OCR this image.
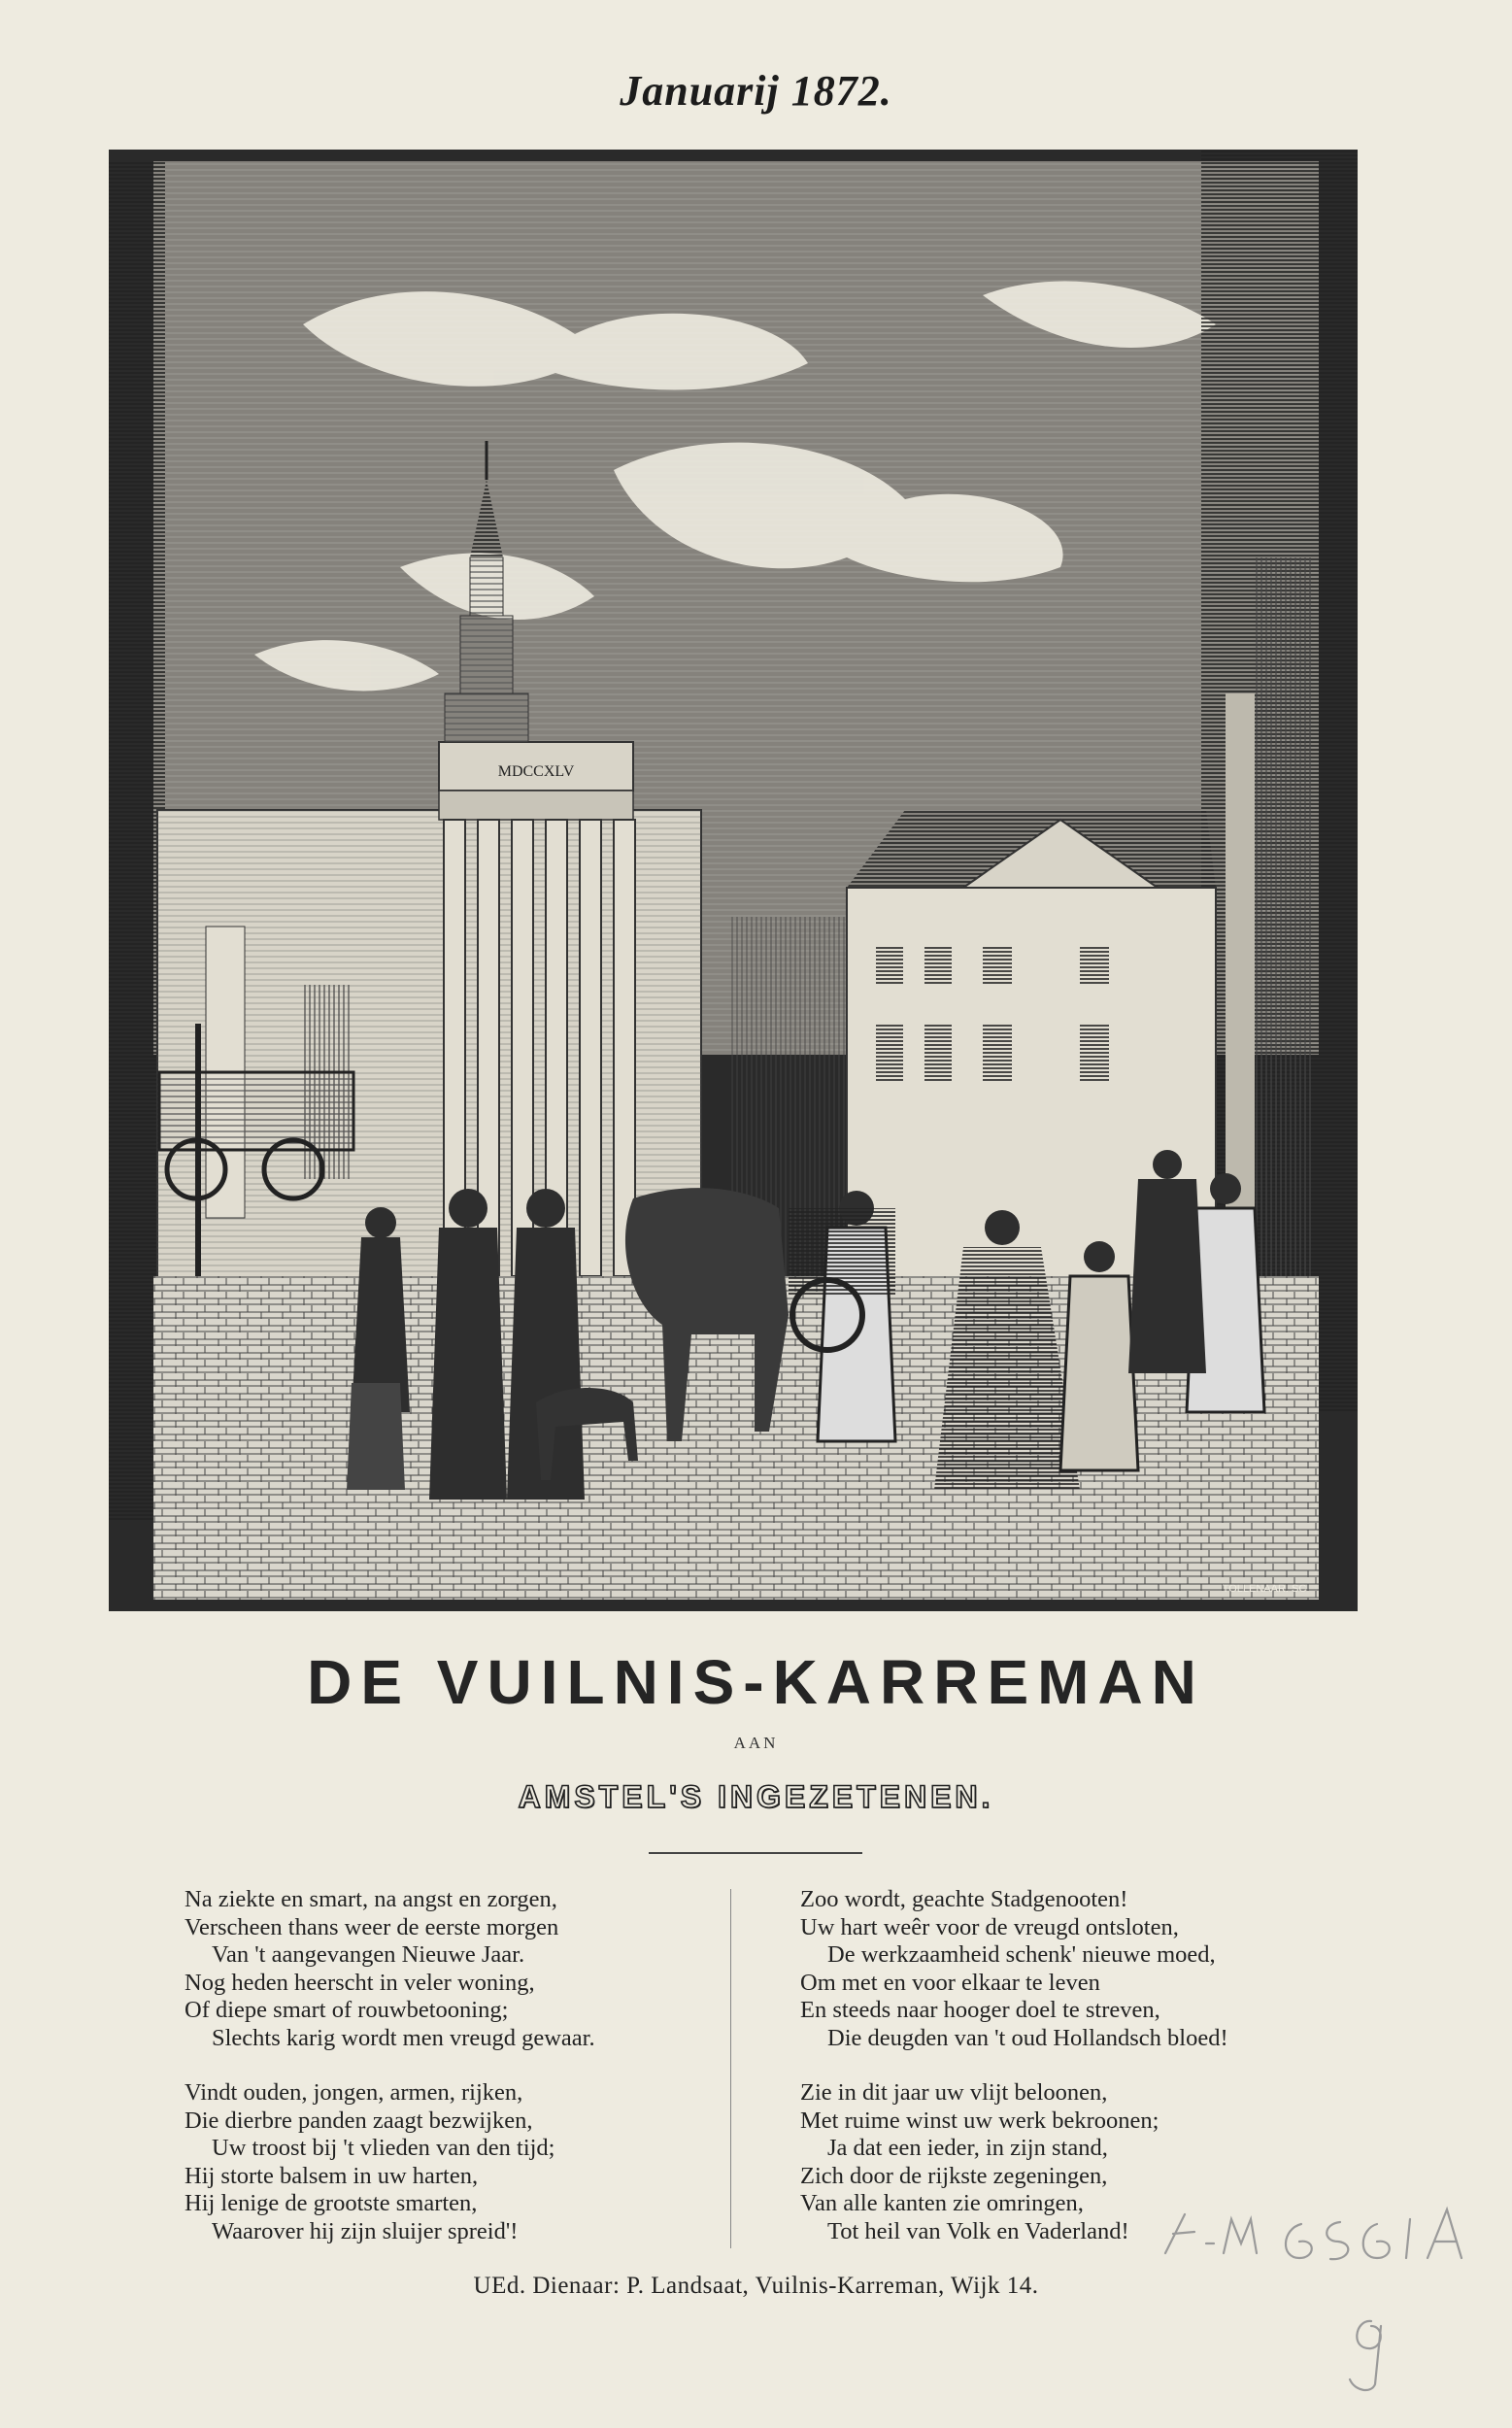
Januarij 1872.
MDCCXLV
TOLLENAAR. SC
DE VUILNIS-KARREMAN
AAN
AMSTEL'S INGEZETENEN.
Na ziekte en smart, na angst en zorgen,
Verscheen thans weer de eerste morgen
Van 't aangevangen Nieuwe Jaar.
Nog heden heerscht in veler woning,
Of diepe smart of rouwbetooning;
Slechts karig wordt men vreugd gewaar.
Vindt ouden, jongen, armen, rijken,
Die dierbre panden zaagt bezwijken,
Uw troost bij 't vlieden van den tijd;
Hij storte balsem in uw harten,
Hij lenige de grootste smarten,
Waarover hij zijn sluijer spreid'!
Zoo wordt, geachte Stadgenooten!
Uw hart weêr voor de vreugd ontsloten,
De werkzaamheid schenk' nieuwe moed,
Om met en voor elkaar te leven
En steeds naar hooger doel te streven,
Die deugden van 't oud Hollandsch bloed!
Zie in dit jaar uw vlijt beloonen,
Met ruime winst uw werk bekroonen;
Ja dat een ieder, in zijn stand,
Zich door de rijkste zegeningen,
Van alle kanten zie omringen,
Tot heil van Volk en Vaderland!
UEd. Dienaar: P. Landsaat, Vuilnis-Karreman, Wijk 14.
